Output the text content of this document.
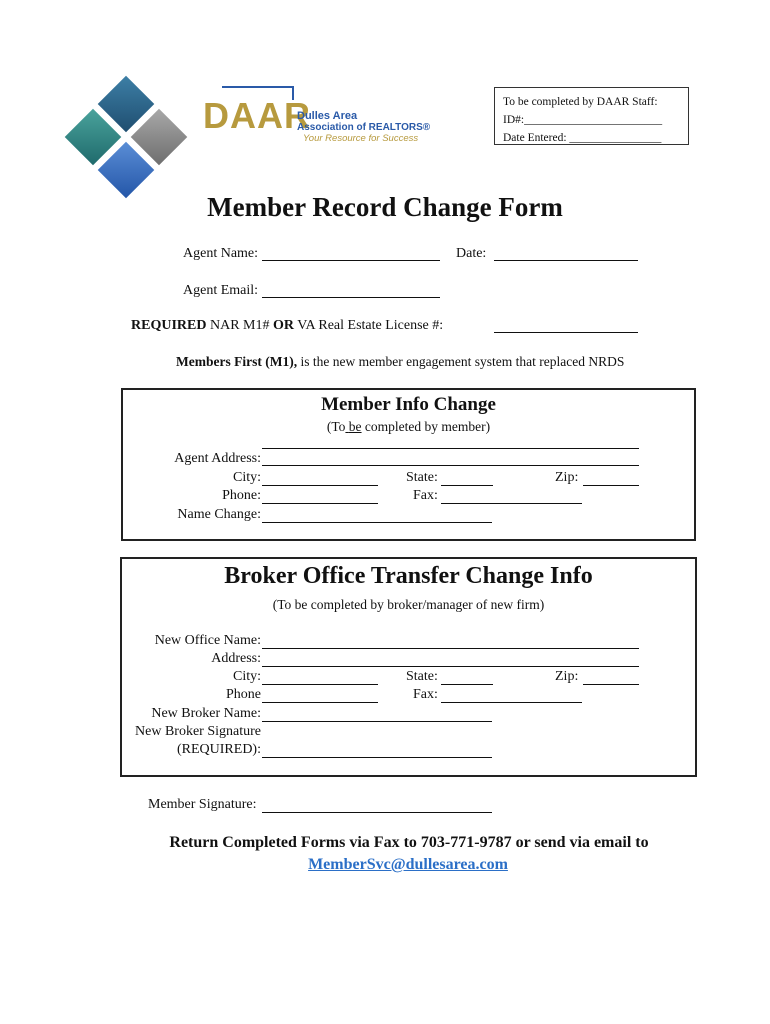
DAAR
Dulles Area
Association of REALTORS®
Your Resource for Success
To be completed by DAAR Staff:
ID#:________________________
Date Entered: ________________
Member Record Change Form
Agent Name:	Date:
Agent Email:
REQUIRED NAR M1# OR VA Real Estate License #:
Members First (M1), is the new member engagement system that replaced NRDS
Member Info Change
(To be completed by member)
Agent Address:
City:	State:	Zip:
Phone:	Fax:
Name Change:
Broker Office Transfer Change Info
(To be completed by broker/manager of new firm)
New Office Name:
Address:
City:	State:	Zip:
Phone	Fax:
New Broker Name:
New Broker Signature
(REQUIRED):
Member Signature:
Return Completed Forms via Fax to 703-771-9787 or send via email to
MemberSvc@dullesarea.com
